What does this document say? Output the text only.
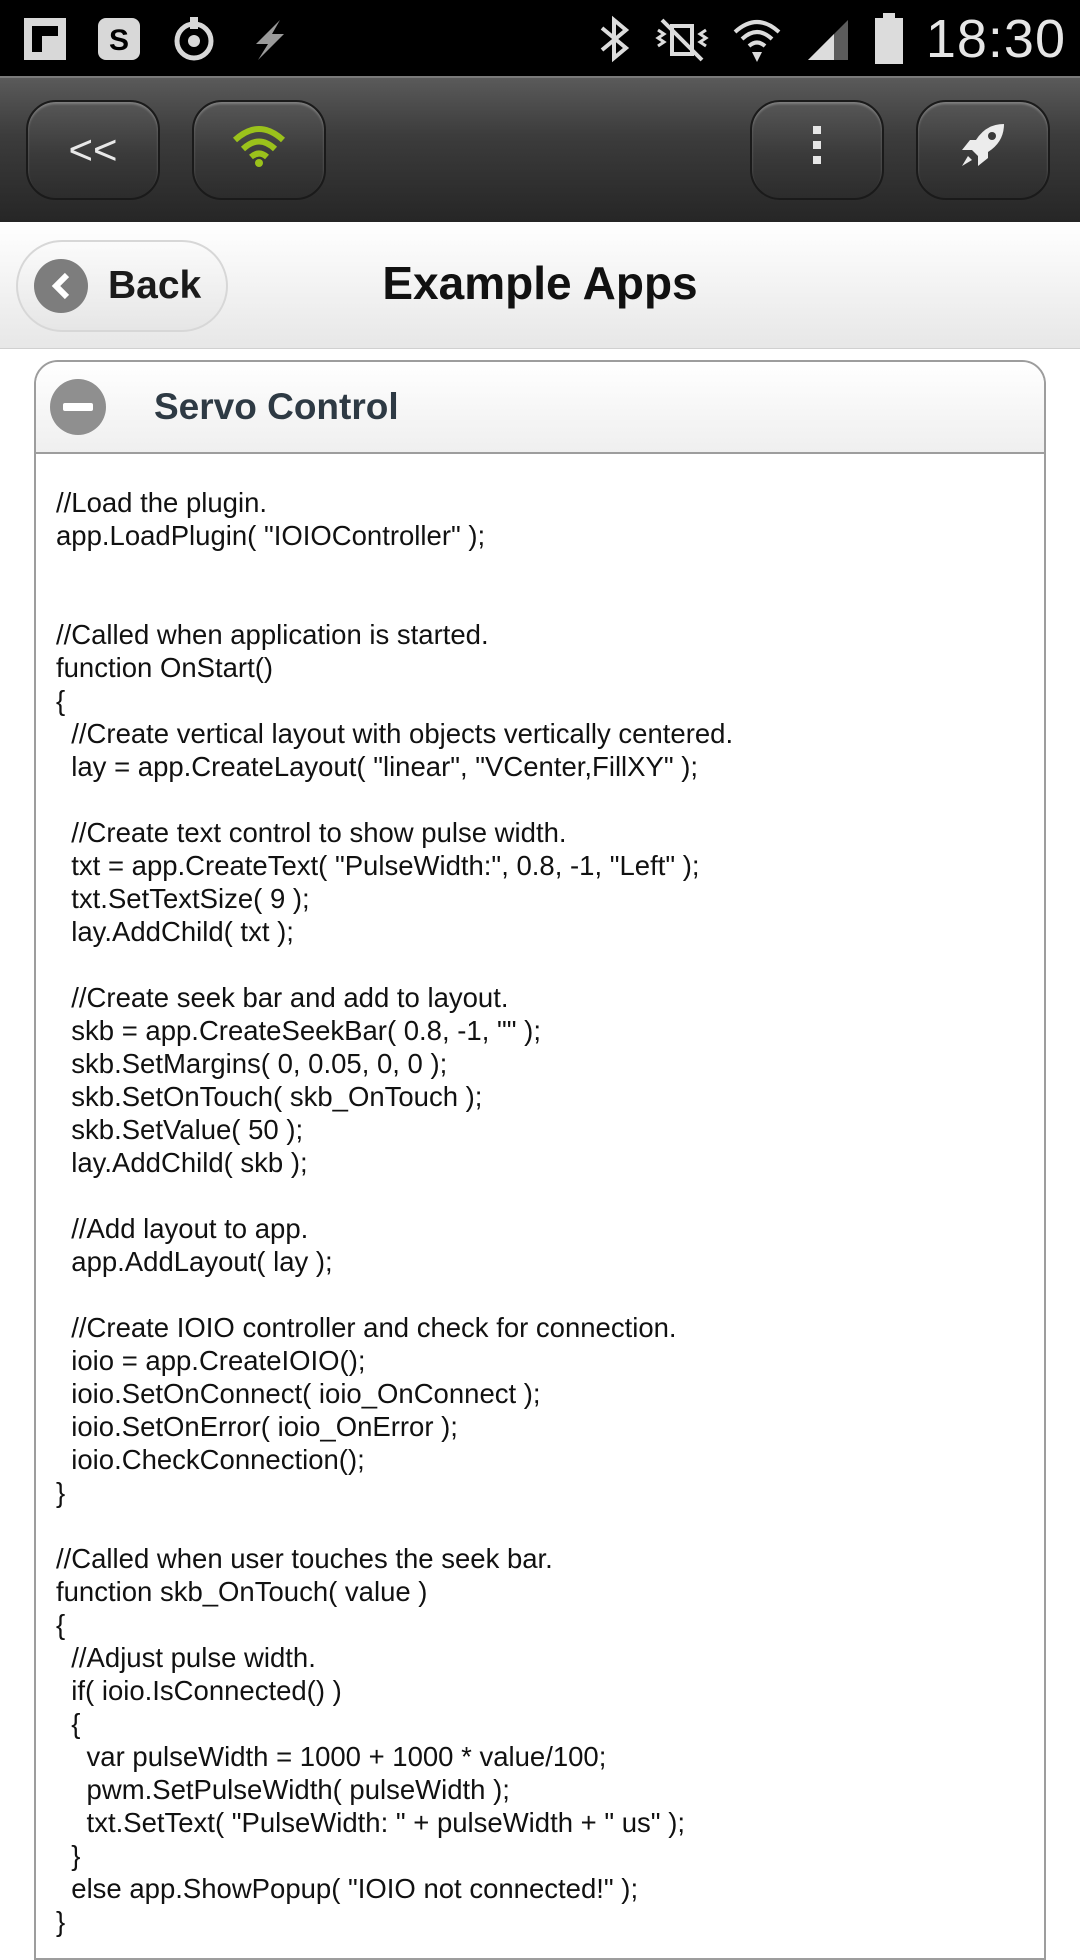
S	18:30
<<
Back	Example Apps
Servo Control
//Load the plugin.
app.LoadPlugin( "IOIOController" );

//Called when application is started.
function OnStart()
{
//Create vertical layout with objects vertically centered.
lay = app.CreateLayout( "linear", "VCenter,FillXY" );

//Create text control to show pulse width.
txt = app.CreateText( "PulseWidth:", 0.8, -1, "Left" );
txt.SetTextSize( 9 );
lay.AddChild( txt );

//Create seek bar and add to layout.
skb = app.CreateSeekBar( 0.8, -1, "" );
skb.SetMargins( 0, 0.05, 0, 0 );
skb.SetOnTouch( skb_OnTouch );
skb.SetValue( 50 );
lay.AddChild( skb );

//Add layout to app.
app.AddLayout( lay );

//Create IOIO controller and check for connection.
ioio = app.CreateIOIO();
ioio.SetOnConnect( ioio_OnConnect );
ioio.SetOnError( ioio_OnError );
ioio.CheckConnection();
}

//Called when user touches the seek bar.
function skb_OnTouch( value )
{
//Adjust pulse width.
if( ioio.IsConnected() )
{
var pulseWidth = 1000 + 1000 * value/100;
pwm.SetPulseWidth( pulseWidth );
txt.SetText( "PulseWidth: " + pulseWidth + " us" );
}
else app.ShowPopup( "IOIO not connected!" );
}
